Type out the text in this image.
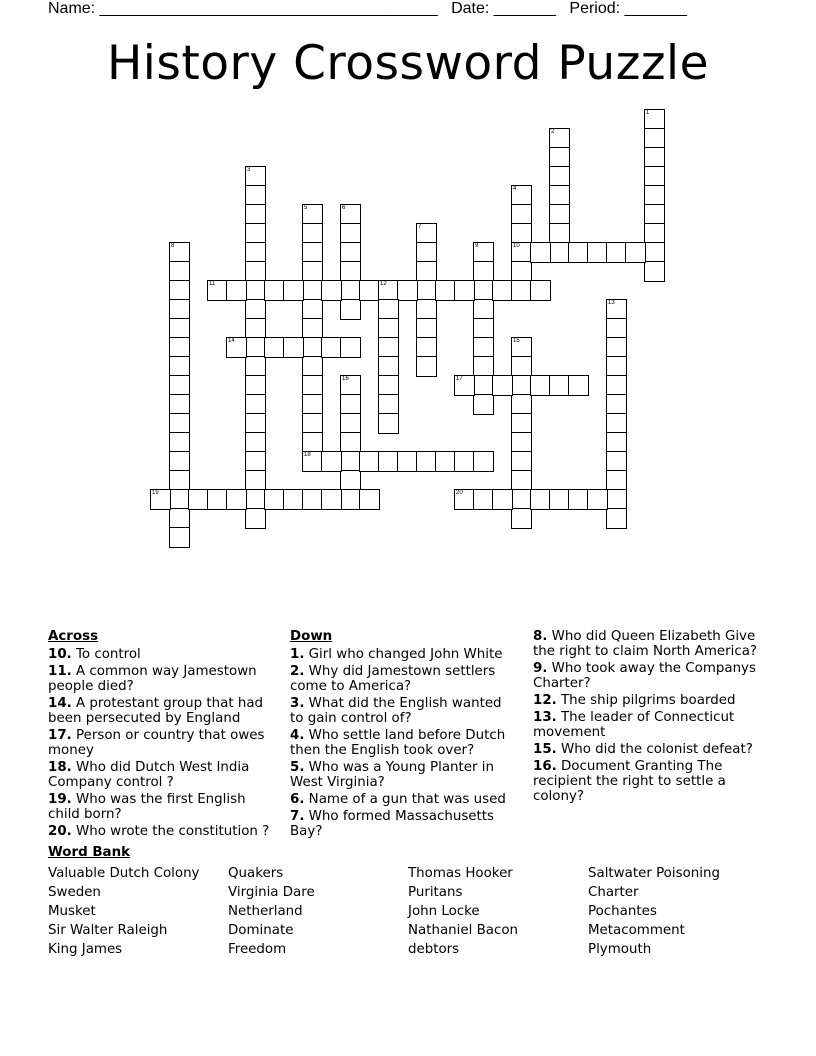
Name: ______________________________________ Date: _______ Period: _______
History Crossword Puzzle
1
2
3
4
10
5
18
6
7
8	9
11	12
13
14	15
16	17
19	20
Across
10. To control
11. A common way Jamestown people died?
14. A protestant group that had been persecuted by England
17. Person or country that owes money
18. Who did Dutch West India Company control ?
19. Who was the first English child born?
20. Who wrote the constitution ?
Down
1. Girl who changed John White
2. Why did Jamestown settlers come to America?
3. What did the English wanted to gain control of?
4. Who settle land before Dutch then the English took over?
5. Who was a Young Planter in West Virginia?
6. Name of a gun that was used
7. Who formed Massachusetts Bay?
8. Who did Queen Elizabeth Give the right to claim North America?
9. Who took away the Companys Charter?
12. The ship pilgrims boarded
13. The leader of Connecticut movement
15. Who did the colonist defeat?
16. Document Granting The recipient the right to settle a colony?
Word Bank
Valuable Dutch Colony
Sweden
Musket
Sir Walter Raleigh
King James
Quakers
Virginia Dare
Netherland
Dominate
Freedom
Thomas Hooker
Puritans
John Locke
Nathaniel Bacon
debtors
Saltwater Poisoning
Charter
Pochantes
Metacomment
Plymouth
